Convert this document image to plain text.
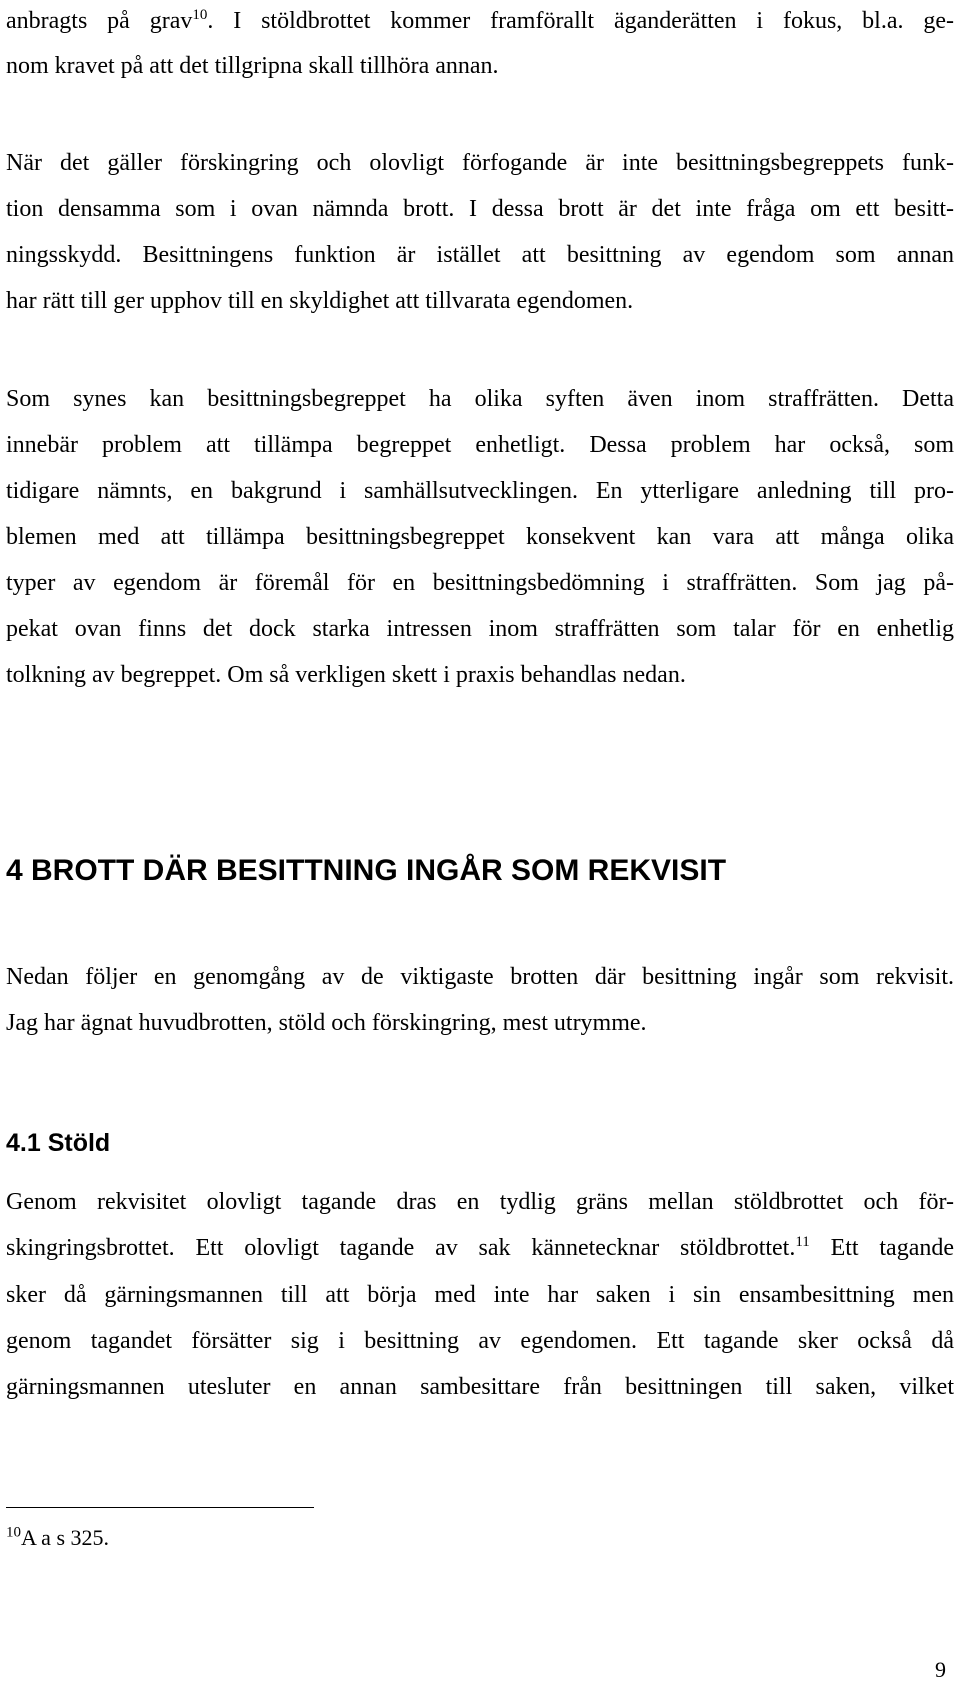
anbragts på grav$^{10}$. I stöldbrottet kommer framförallt äganderätten i fokus, bl.a. ge-
nom kravet på att det tillgripna skall tillhöra annan.
När det gäller förskingring och olovligt förfogande är inte besittningsbegreppets funk-
tion densamma som i ovan nämnda brott. I dessa brott är det inte fråga om ett besitt-
ningsskydd. Besittningens funktion är istället att besittning av egendom som annan
har rätt till ger upphov till en skyldighet att tillvarata egendomen.
Som synes kan besittningsbegreppet ha olika syften även inom straffrätten. Detta
innebär problem att tillämpa begreppet enhetligt. Dessa problem har också, som
tidigare nämnts, en bakgrund i samhällsutvecklingen. En ytterligare anledning till pro-
blemen med att tillämpa besittningsbegreppet konsekvent kan vara att många olika
typer av egendom är föremål för en besittningsbedömning i straffrätten. Som jag på-
pekat ovan finns det dock starka intressen inom straffrätten som talar för en enhetlig
tolkning av begreppet. Om så verkligen skett i praxis behandlas nedan.
4 BROTT DÄR BESITTNING INGÅR SOM REKVISIT
Nedan följer en genomgång av de viktigaste brotten där besittning ingår som rekvisit.
Jag har ägnat huvudbrotten, stöld och förskingring, mest utrymme.
4.1 Stöld
Genom rekvisitet olovligt tagande dras en tydlig gräns mellan stöldbrottet och för-
skingringsbrottet. Ett olovligt tagande av sak kännetecknar stöldbrottet.$^{11}$ Ett tagande
sker då gärningsmannen till att börja med inte har saken i sin ensambesittning men
genom tagandet försätter sig i besittning av egendomen. Ett tagande sker också då
gärningsmannen utesluter en annan sambesittare från besittningen till saken, vilket
$^{10}$A a s 325.
9
